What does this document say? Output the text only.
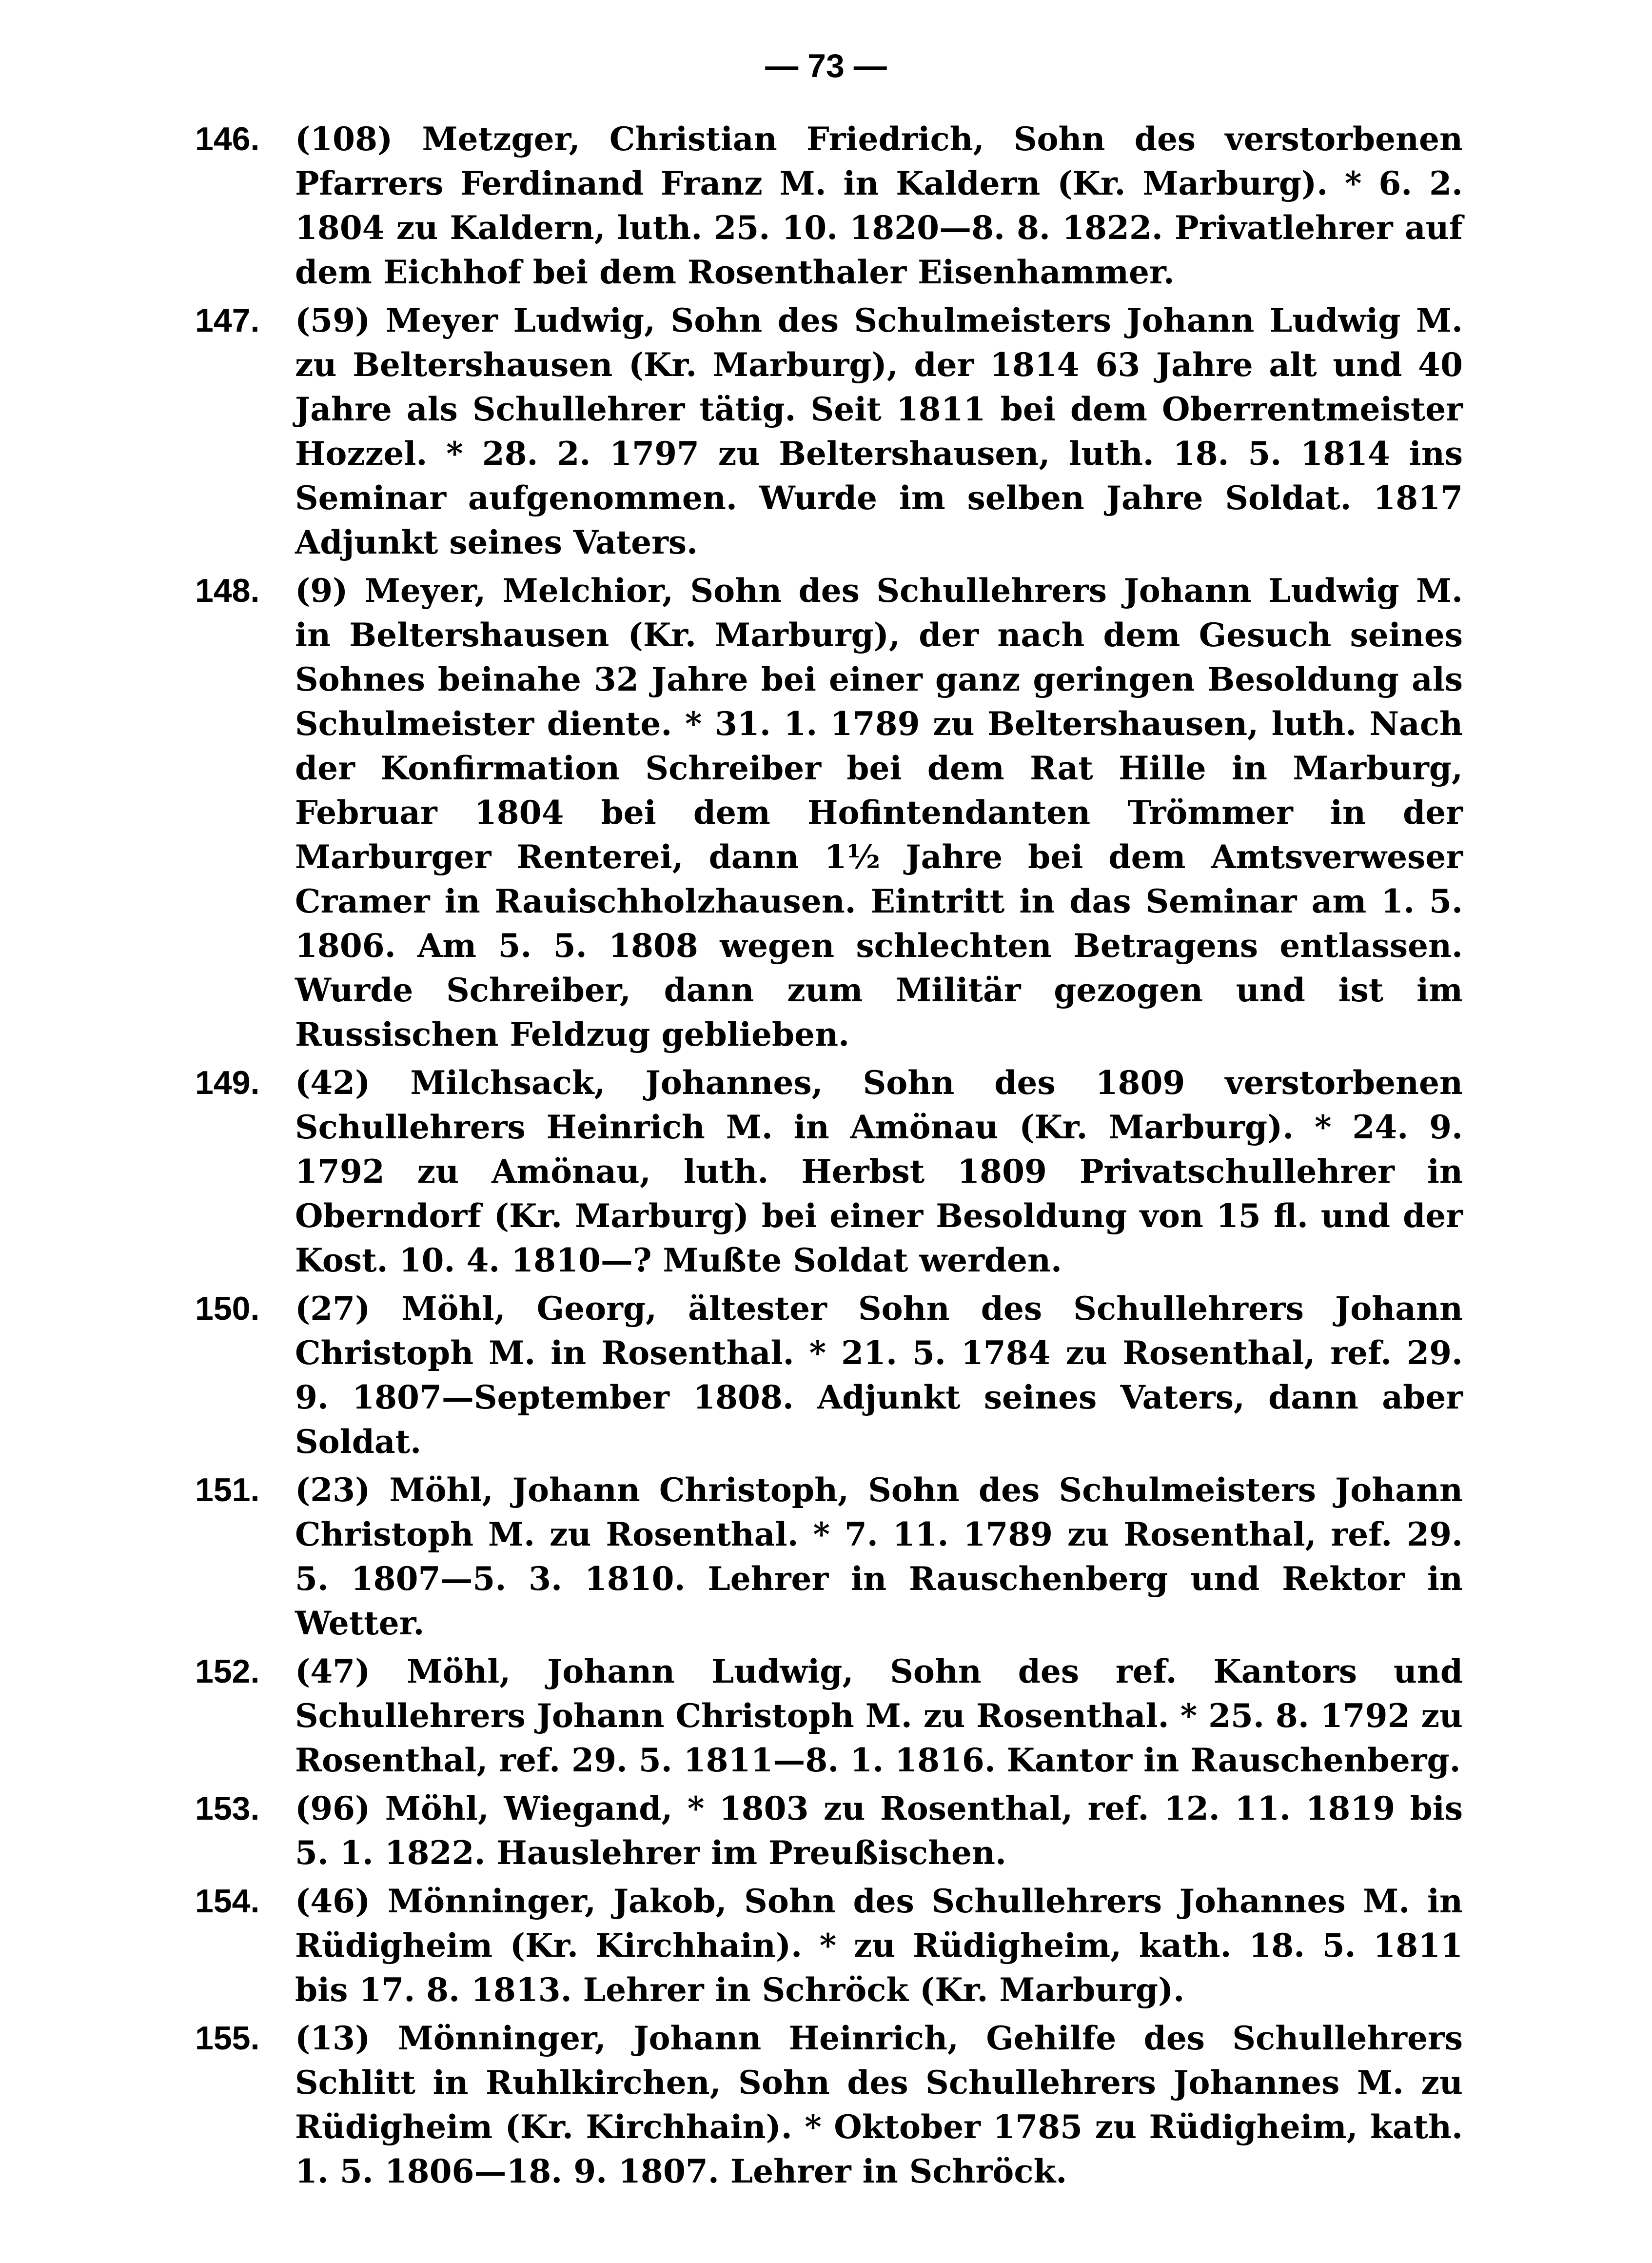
— 73 —
146.	(108) Metzger, Christian Friedrich, Sohn des verstorbenen Pfarrers Ferdinand Franz M. in Kaldern (Kr. Marburg). * 6. 2. 1804 zu Kaldern, luth. 25. 10. 1820—8. 8. 1822. Privatlehrer auf dem Eichhof bei dem Rosenthaler Eisenhammer.
147.	(59) Meyer Ludwig, Sohn des Schulmeisters Johann Ludwig M. zu Beltershausen (Kr. Marburg), der 1814 63 Jahre alt und 40 Jahre als Schullehrer tätig. Seit 1811 bei dem Oberrentmeister Hozzel. * 28. 2. 1797 zu Beltershausen, luth. 18. 5. 1814 ins Seminar aufgenommen. Wurde im selben Jahre Soldat. 1817 Adjunkt seines Vaters.
148.	(9) Meyer, Melchior, Sohn des Schullehrers Johann Ludwig M. in Beltershausen (Kr. Marburg), der nach dem Gesuch seines Sohnes beinahe 32 Jahre bei einer ganz geringen Besoldung als Schulmeister diente. * 31. 1. 1789 zu Beltershausen, luth. Nach der Konfirmation Schreiber bei dem Rat Hille in Marburg, Februar 1804 bei dem Hofintendanten Trömmer in der Marburger Renterei, dann 1½ Jahre bei dem Amtsverweser Cramer in Rauischholzhausen. Eintritt in das Seminar am 1. 5. 1806. Am 5. 5. 1808 wegen schlechten Betragens entlassen. Wurde Schreiber, dann zum Militär gezogen und ist im Russischen Feldzug geblieben.
149.	(42) Milchsack, Johannes, Sohn des 1809 verstorbenen Schullehrers Heinrich M. in Amönau (Kr. Marburg). * 24. 9. 1792 zu Amönau, luth. Herbst 1809 Privatschullehrer in Oberndorf (Kr. Marburg) bei einer Besoldung von 15 fl. und der Kost. 10. 4. 1810—? Mußte Soldat werden.
150.	(27) Möhl, Georg, ältester Sohn des Schullehrers Johann Christoph M. in Rosenthal. * 21. 5. 1784 zu Rosenthal, ref. 29. 9. 1807—September 1808. Adjunkt seines Vaters, dann aber Soldat.
151.	(23) Möhl, Johann Christoph, Sohn des Schulmeisters Johann Christoph M. zu Rosenthal. * 7. 11. 1789 zu Rosenthal, ref. 29. 5. 1807—5. 3. 1810. Lehrer in Rauschenberg und Rektor in Wetter.
152.	(47) Möhl, Johann Ludwig, Sohn des ref. Kantors und Schullehrers Johann Christoph M. zu Rosenthal. * 25. 8. 1792 zu Rosenthal, ref. 29. 5. 1811—8. 1. 1816. Kantor in Rauschenberg.
153.	(96) Möhl, Wiegand, * 1803 zu Rosenthal, ref. 12. 11. 1819 bis 5. 1. 1822. Hauslehrer im Preußischen.
154.	(46) Mönninger, Jakob, Sohn des Schullehrers Johannes M. in Rüdigheim (Kr. Kirchhain). * zu Rüdigheim, kath. 18. 5. 1811 bis 17. 8. 1813. Lehrer in Schröck (Kr. Marburg).
155.	(13) Mönninger, Johann Heinrich, Gehilfe des Schullehrers Schlitt in Ruhlkirchen, Sohn des Schullehrers Johannes M. zu Rüdigheim (Kr. Kirchhain). * Oktober 1785 zu Rüdigheim, kath. 1. 5. 1806—18. 9. 1807. Lehrer in Schröck.
